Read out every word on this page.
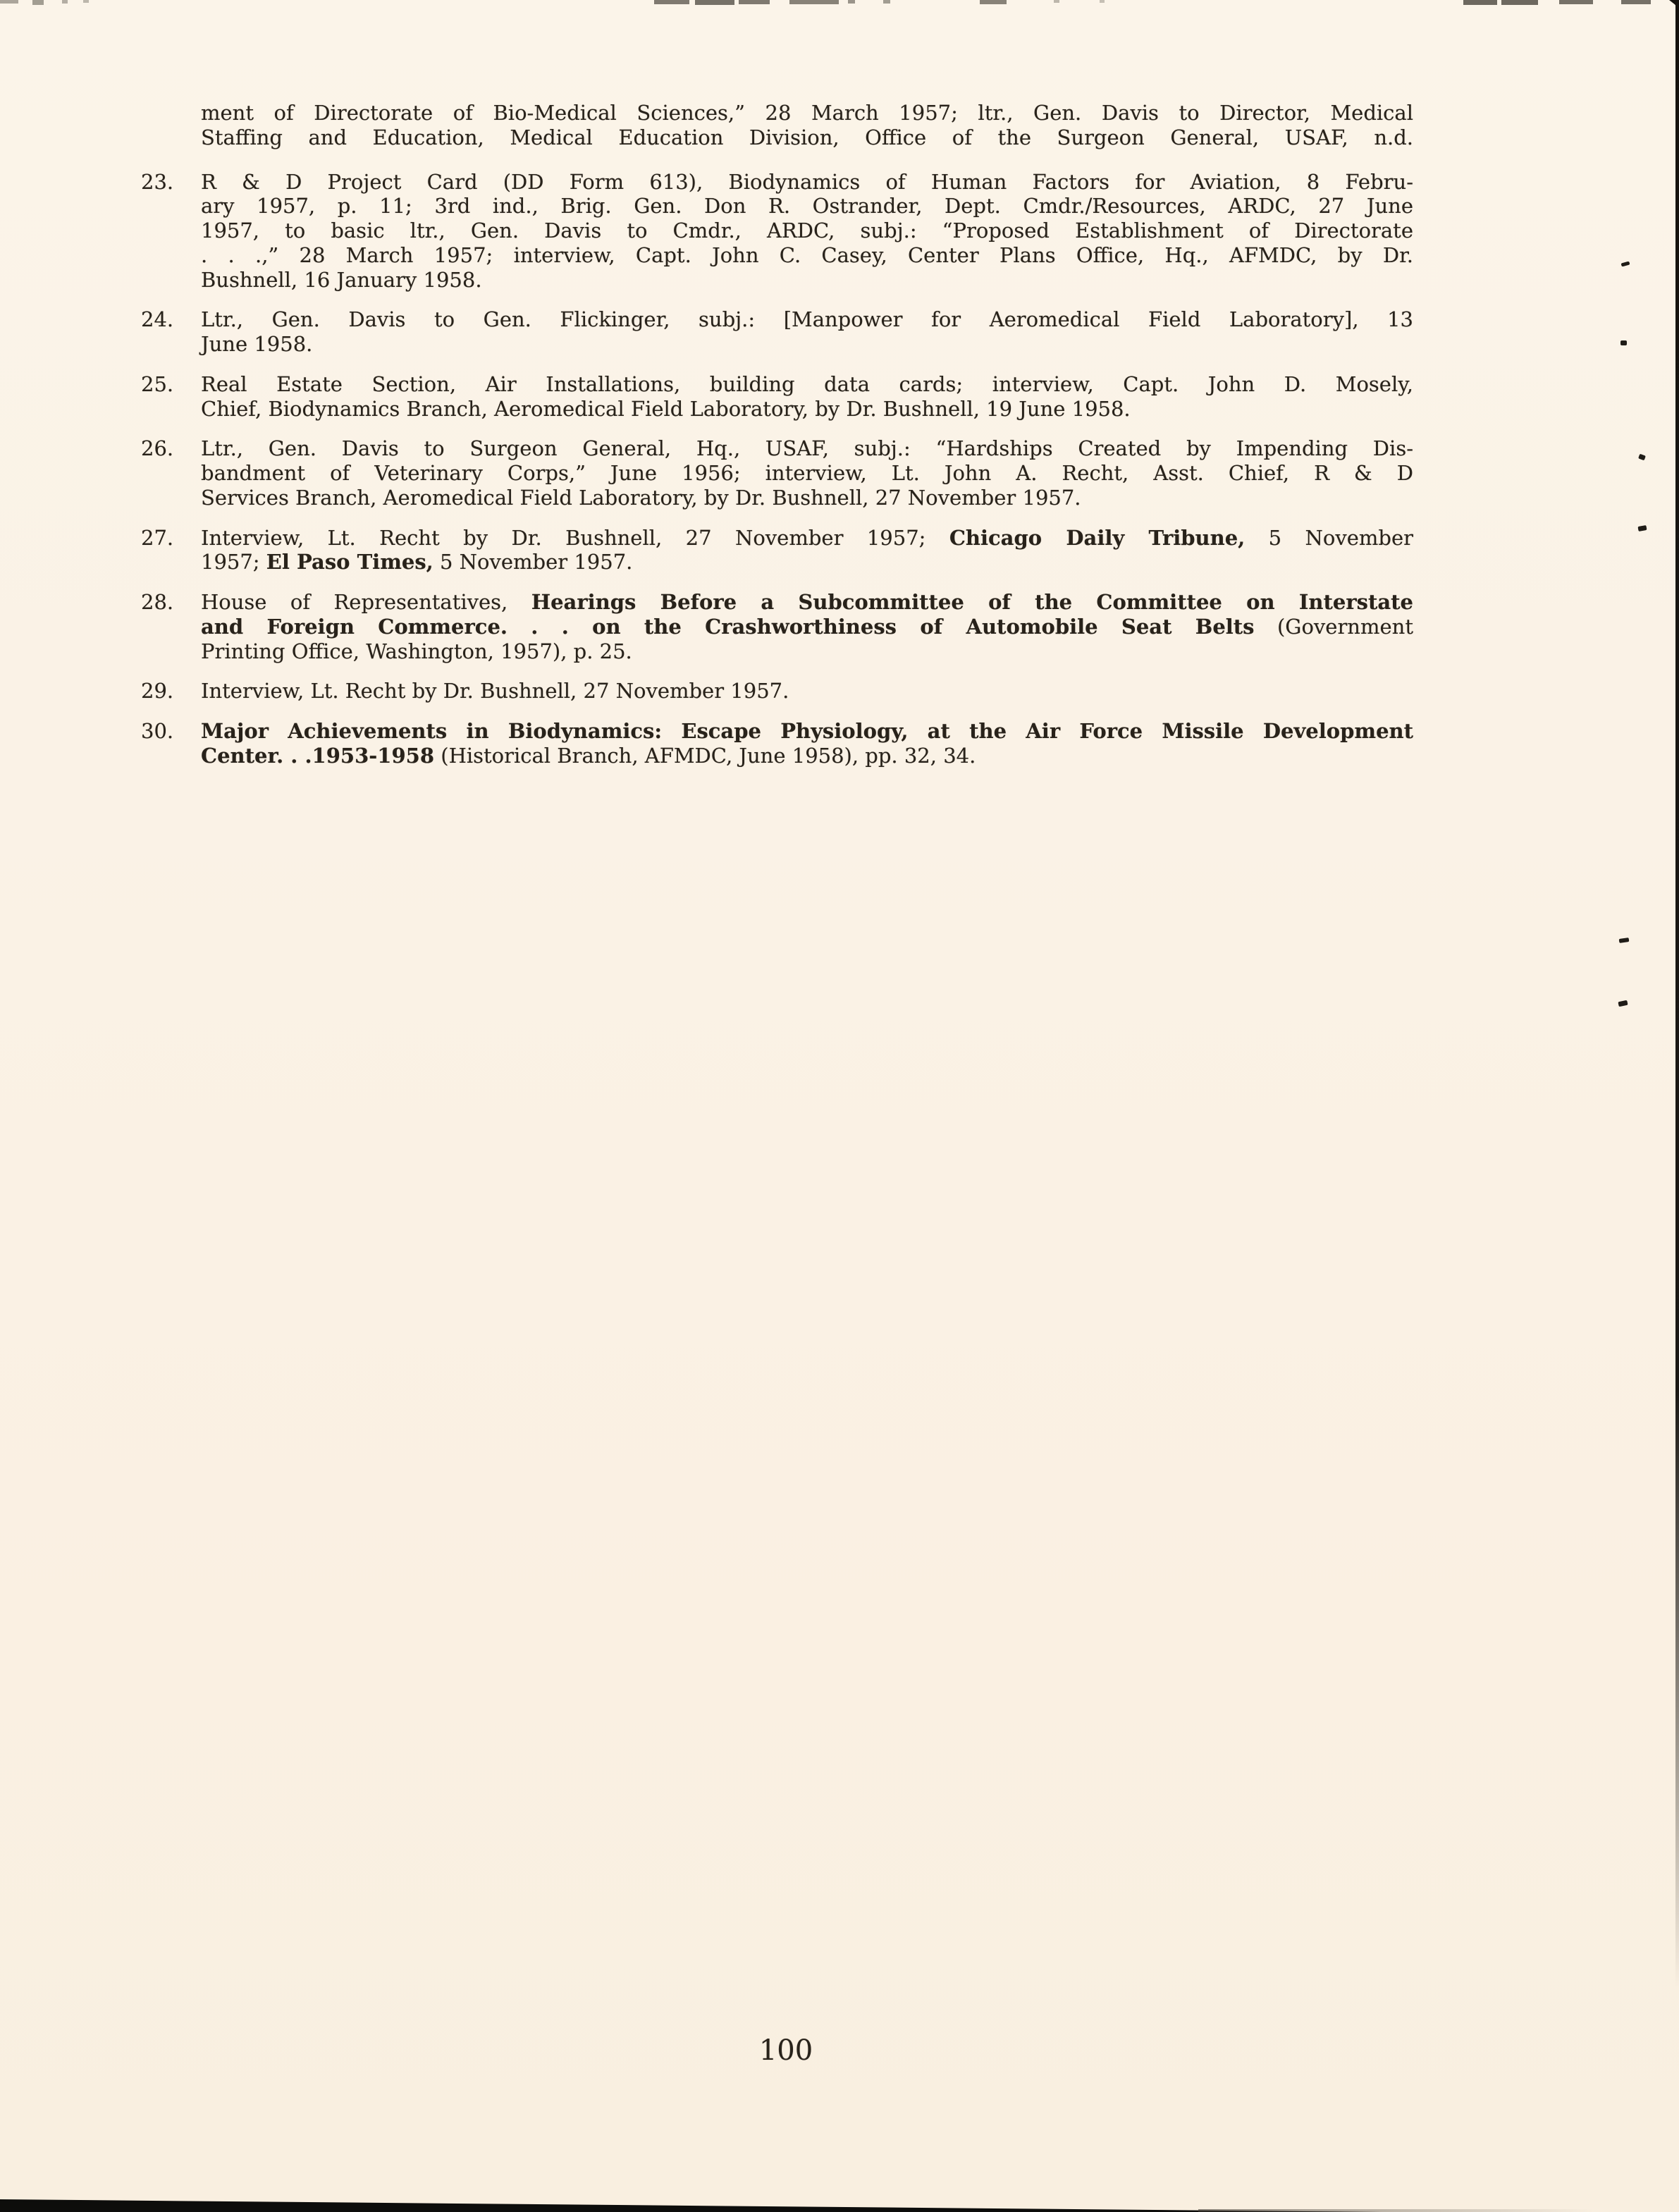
ment of Directorate of Bio-Medical Sciences,” 28 March 1957; ltr., Gen. Davis to Director, Medical
Staffing and Education, Medical Education Division, Office of the Surgeon General, USAF, n.d.
23.	R & D Project Card (DD Form 613), Biodynamics of Human Factors for Aviation, 8 Febru-
ary 1957, p. 11; 3rd ind., Brig. Gen. Don R. Ostrander, Dept. Cmdr./Resources, ARDC, 27 June
1957, to basic ltr., Gen. Davis to Cmdr., ARDC, subj.: “Proposed Establishment of Directorate
. . .,” 28 March 1957; interview, Capt. John C. Casey, Center Plans Office, Hq., AFMDC, by Dr.
Bushnell, 16 January 1958.
24.	Ltr., Gen. Davis to Gen. Flickinger, subj.: [Manpower for Aeromedical Field Laboratory], 13
June 1958.
25.	Real Estate Section, Air Installations, building data cards; interview, Capt. John D. Mosely,
Chief, Biodynamics Branch, Aeromedical Field Laboratory, by Dr. Bushnell, 19 June 1958.
26.	Ltr., Gen. Davis to Surgeon General, Hq., USAF, subj.: “Hardships Created by Impending Dis-
bandment of Veterinary Corps,” June 1956; interview, Lt. John A. Recht, Asst. Chief, R & D
Services Branch, Aeromedical Field Laboratory, by Dr. Bushnell, 27 November 1957.
27.	Interview, Lt. Recht by Dr. Bushnell, 27 November 1957; Chicago Daily Tribune, 5 November
1957; El Paso Times, 5 November 1957.
28.	House of Representatives, Hearings Before a Subcommittee of the Committee on Interstate
and Foreign Commerce. . . on the Crashworthiness of Automobile Seat Belts (Government
Printing Office, Washington, 1957), p. 25.
29.	Interview, Lt. Recht by Dr. Bushnell, 27 November 1957.
30.	Major Achievements in Biodynamics: Escape Physiology, at the Air Force Missile Development
Center. . .1953-1958 (Historical Branch, AFMDC, June 1958), pp. 32, 34.
100
